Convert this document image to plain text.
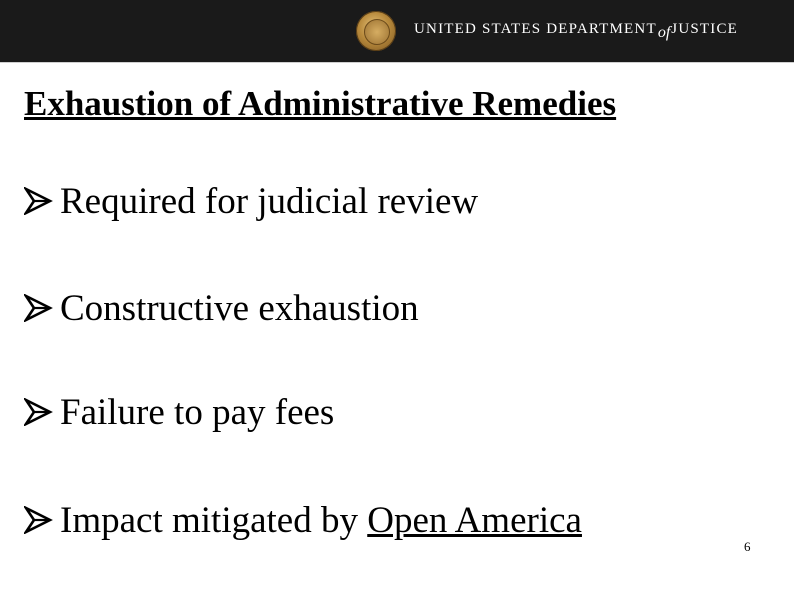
UNITED STATES DEPARTMENTofJUSTICE
Exhaustion of Administrative Remedies
Required for judicial review
Constructive exhaustion
Failure to pay fees
Impact mitigated by Open America
6
